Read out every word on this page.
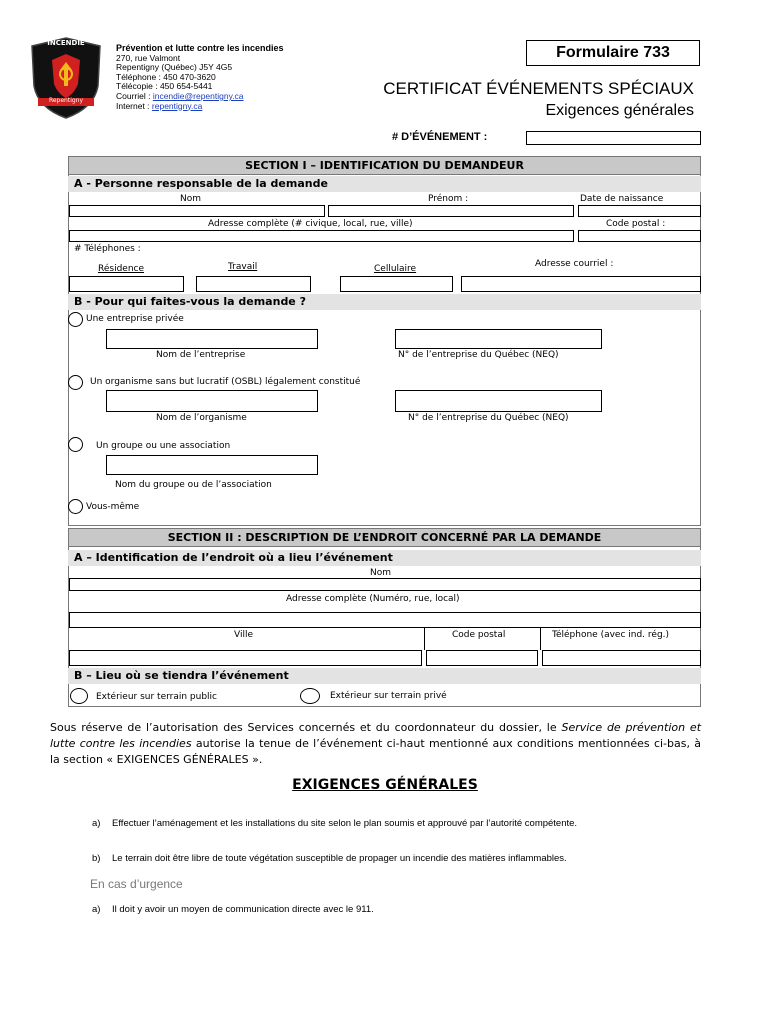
INCENDIE
Repentigny
Prévention et lutte contre les incendies
270, rue Valmont
Repentigny (Québec) J5Y 4G5
Téléphone : 450 470-3620
Télécopie : 450 654-5441
Courriel : incendie@repentigny.ca
Internet : repentigny.ca
Formulaire 733
CERTIFICAT ÉVÉNEMENTS SPÉCIAUX
Exigences générales
# D’ÉVÉNEMENT :
SECTION I – IDENTIFICATION DU DEMANDEUR
A - Personne responsable de la demande
Nom	Prénom :	Date de naissance
Adresse complète (# civique, local, rue, ville)	Code postal :
# Téléphones :
Résidence	Travail	Cellulaire	Adresse courriel :
B - Pour qui faites-vous la demande ?
Une entreprise privée
Nom de l’entreprise	N° de l’entreprise du Québec (NEQ)
Un organisme sans but lucratif (OSBL) légalement constitué
Nom de l’organisme	N° de l’entreprise du Québec (NEQ)
Un groupe ou une association
Nom du groupe ou de l’association
Vous-même
SECTION II : DESCRIPTION DE L’ENDROIT CONCERNÉ PAR LA DEMANDE
A – Identification de l’endroit où a lieu l’événement
Nom
Adresse complète (Numéro, rue, local)
Ville	Code postal	Téléphone (avec ind. rég.)
B – Lieu où se tiendra l’événement
Extérieur sur terrain public	Extérieur sur terrain privé
Sous réserve de l’autorisation des Services concernés et du coordonnateur du dossier, le Service de prévention et lutte contre les incendies autorise la tenue de l’événement ci-haut mentionné aux conditions mentionnées ci-bas, à la section « EXIGENCES GÉNÉRALES ».
EXIGENCES GÉNÉRALES
a) Effectuer l’aménagement et les installations du site selon le plan soumis et approuvé par l’autorité compétente.
b) Le terrain doit être libre de toute végétation susceptible de propager un incendie des matières inflammables.
En cas d’urgence
a) Il doit y avoir un moyen de communication directe avec le 911.
